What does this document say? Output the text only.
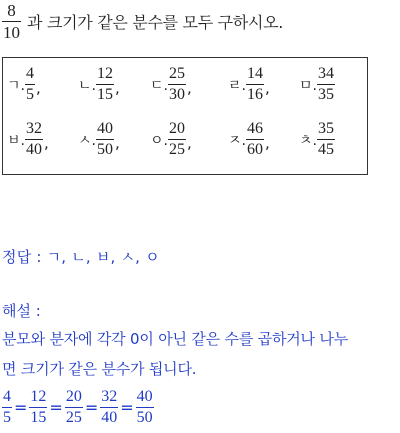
$\frac{8}{10}$ 과 크기가 같은 분수를 모두 구하시오.
ㄱ. $\frac{4}{5}$ ,	ㄴ. $\frac{12}{15}$ , ㄷ. $\frac{25}{30}$ ,	ㄹ. $\frac{14}{16}$ , ㅁ. $\frac{34}{35}$
ㅂ. $\frac{32}{40}$ , ㅅ. $\frac{40}{50}$ , ㅇ. $\frac{20}{25}$ ,	ㅈ. $\frac{46}{60}$ , ㅊ. $\frac{35}{45}$
정답 : ㄱ, ㄴ, ㅂ, ㅅ, ㅇ
해설 :
분모와 분자에 각각 0이 아닌 같은 수를 곱하거나 나누
면 크기가 같은 분수가 됩니다.
$\frac{4}{5} = \frac{12}{15} = \frac{20}{25} = \frac{32}{40} = \frac{40}{50}$
